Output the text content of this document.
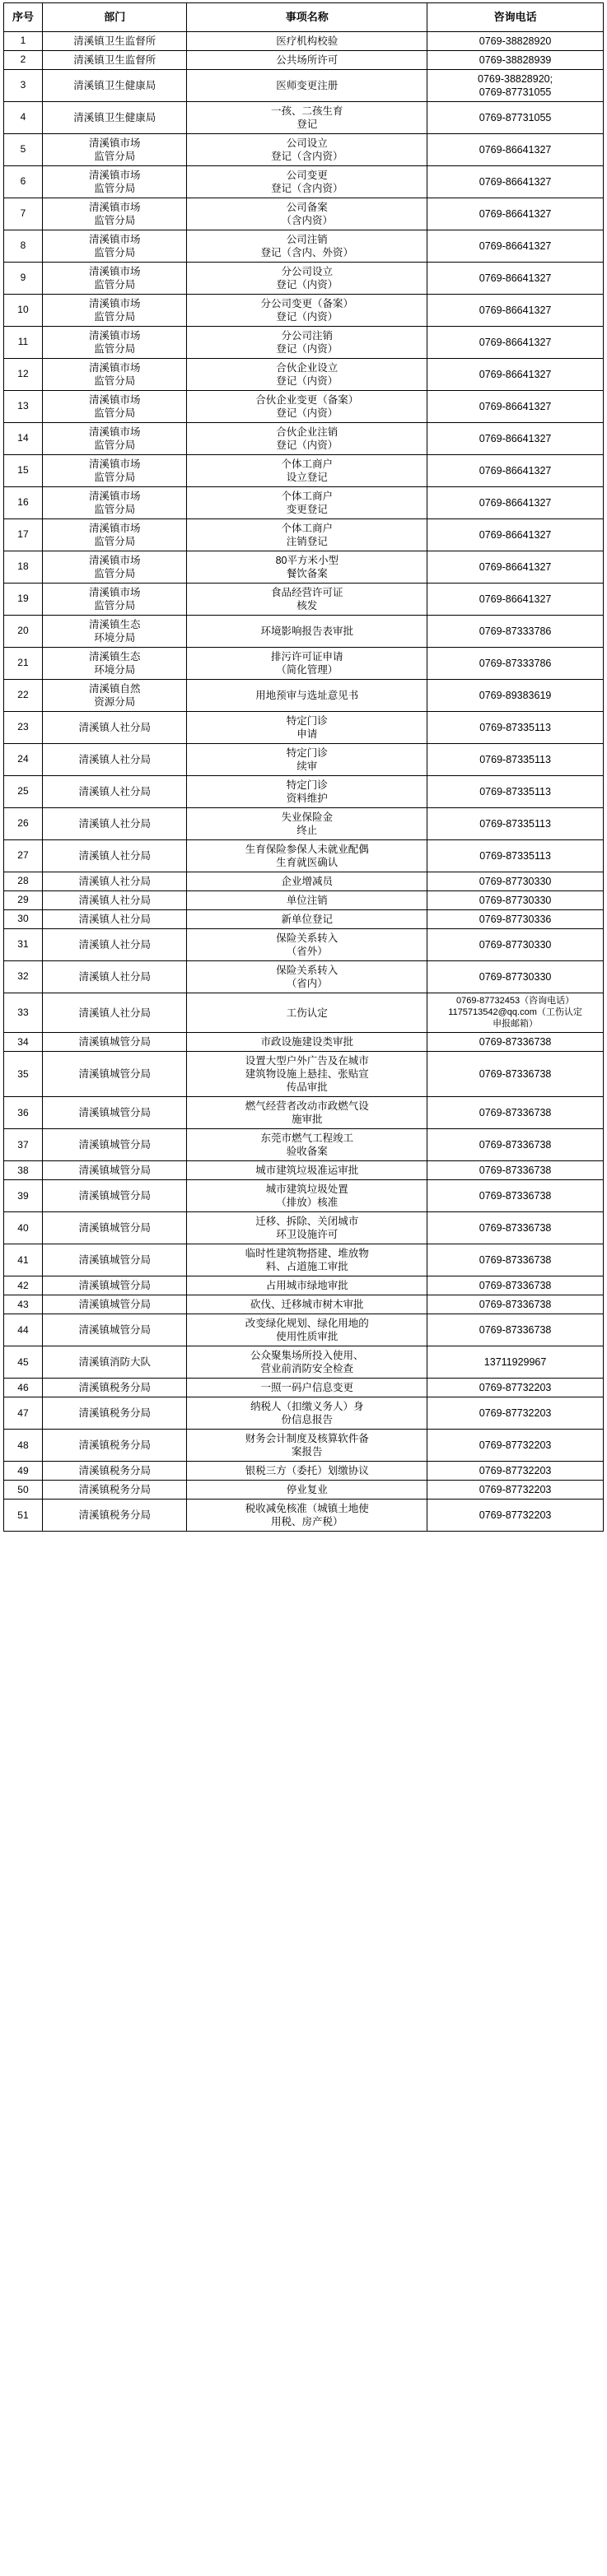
序号	部门	事项名称	咨询电话

1	清溪镇卫生监督所	医疗机构校验	0769-38828920

2	清溪镇卫生监督所	公共场所许可	0769-38828939

3	清溪镇卫生健康局	医师变更注册	0769-38828920;
0769-87731055

4	清溪镇卫生健康局	一孩、二孩生育
登记	0769-87731055

5	清溪镇市场
监管分局	公司设立
登记（含内资）	0769-86641327

6	清溪镇市场
监管分局	公司变更
登记（含内资）	0769-86641327

7	清溪镇市场
监管分局	公司备案
（含内资）	0769-86641327

8	清溪镇市场
监管分局	公司注销
登记（含内、外资）	0769-86641327

9	清溪镇市场
监管分局	分公司设立
登记（内资）	0769-86641327

10	清溪镇市场
监管分局	分公司变更（备案）
登记（内资）	0769-86641327

11	清溪镇市场
监管分局	分公司注销
登记（内资）	0769-86641327

12	清溪镇市场
监管分局	合伙企业设立
登记（内资）	0769-86641327

13	清溪镇市场
监管分局	合伙企业变更（备案）
登记（内资）	0769-86641327

14	清溪镇市场
监管分局	合伙企业注销
登记（内资）	0769-86641327

15	清溪镇市场
监管分局	个体工商户
设立登记	0769-86641327

16	清溪镇市场
监管分局	个体工商户
变更登记	0769-86641327

17	清溪镇市场
监管分局	个体工商户
注销登记	0769-86641327

18	清溪镇市场
监管分局	80平方米小型
餐饮备案	0769-86641327

19	清溪镇市场
监管分局	食品经营许可证
核发	0769-86641327

20	清溪镇生态
环境分局	环境影响报告表审批	0769-87333786

21	清溪镇生态
环境分局	排污许可证申请
（简化管理）	0769-87333786

22	清溪镇自然
资源分局	用地预审与选址意见书	0769-89383619

23	清溪镇人社分局	特定门诊
申请	0769-87335113

24	清溪镇人社分局	特定门诊
续审	0769-87335113

25	清溪镇人社分局	特定门诊
资料维护	0769-87335113

26	清溪镇人社分局	失业保险金
终止	0769-87335113

27	清溪镇人社分局	生育保险参保人未就业配偶
生育就医确认	0769-87335113

28	清溪镇人社分局	企业增减员	0769-87730330

29	清溪镇人社分局	单位注销	0769-87730330

30	清溪镇人社分局	新单位登记	0769-87730336

31	清溪镇人社分局	保险关系转入
（省外）	0769-87730330

32	清溪镇人社分局	保险关系转入
（省内）	0769-87730330

33	清溪镇人社分局	工伤认定	0769-87732453（咨询电话）
1175713542@qq.com（工伤认定
申报邮箱）

34	清溪镇城管分局	市政设施建设类审批	0769-87336738

35	清溪镇城管分局	设置大型户外广告及在城市
建筑物设施上悬挂、张贴宣
传品审批	0769-87336738

36	清溪镇城管分局	燃气经营者改动市政燃气设
施审批	0769-87336738

37	清溪镇城管分局	东莞市燃气工程竣工
验收备案	0769-87336738

38	清溪镇城管分局	城市建筑垃圾准运审批	0769-87336738

39	清溪镇城管分局	城市建筑垃圾处置
（排放）核准	0769-87336738

40	清溪镇城管分局	迁移、拆除、关闭城市
环卫设施许可	0769-87336738

41	清溪镇城管分局	临时性建筑物搭建、堆放物
料、占道施工审批	0769-87336738

42	清溪镇城管分局	占用城市绿地审批	0769-87336738

43	清溪镇城管分局	砍伐、迁移城市树木审批	0769-87336738

44	清溪镇城管分局	改变绿化规划、绿化用地的
使用性质审批	0769-87336738

45	清溪镇消防大队	公众聚集场所投入使用、
营业前消防安全检查	13711929967

46	清溪镇税务分局	一照一码户信息变更	0769-87732203

47	清溪镇税务分局	纳税人（扣缴义务人）身
份信息报告	0769-87732203

48	清溪镇税务分局	财务会计制度及核算软件备
案报告	0769-87732203

49	清溪镇税务分局	银税三方（委托）划缴协议	0769-87732203

50	清溪镇税务分局	停业复业	0769-87732203

51	清溪镇税务分局	税收减免核准（城镇土地使
用税、房产税）	0769-87732203
